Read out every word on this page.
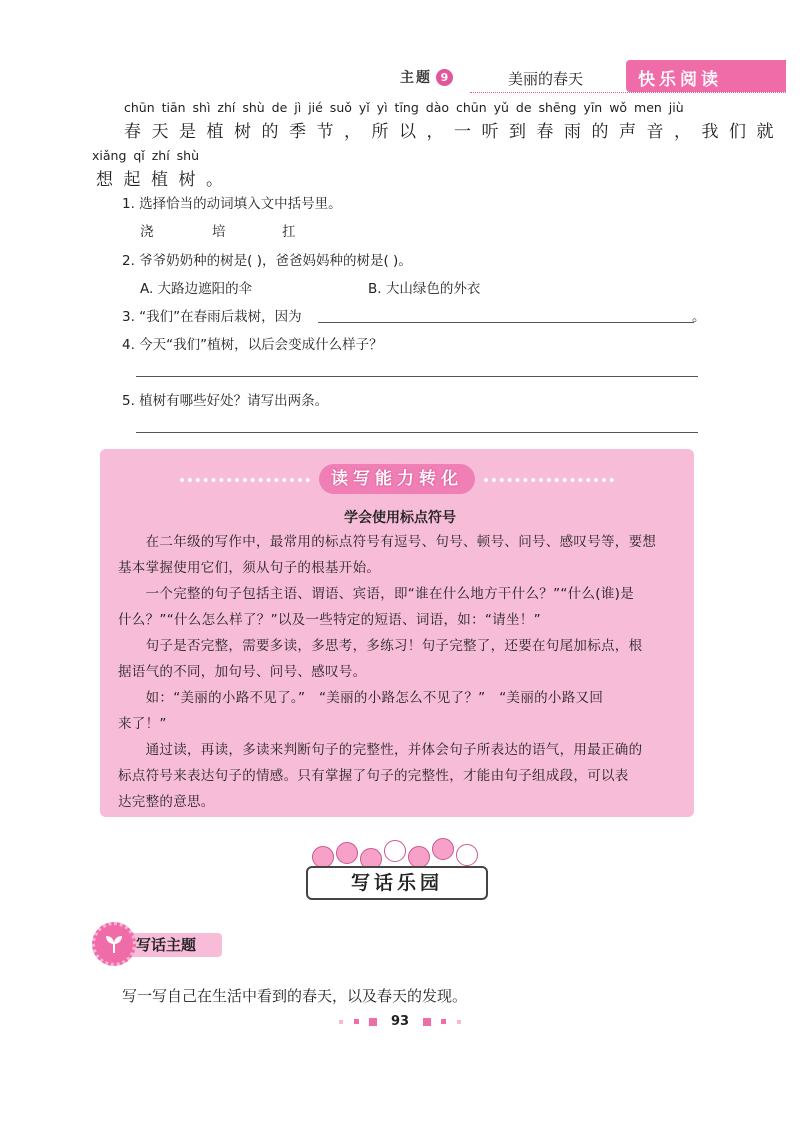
主题 9	美丽的春天	快乐阅读
chūn tiān shì zhí shù de jì jié suǒ yǐ yì tīng dào chūn yǔ de shēng yīn wǒ men jiù
春天是植树的季节，所以，一听到春雨的声音，我们就
xiǎng qǐ zhí shù
想起植树。
1. 选择恰当的动词填入文中括号里。
浇	培	扛
2. 爷爷奶奶种的树是( )，爸爸妈妈种的树是( )。
A. 大路边遮阳的伞	B. 大山绿色的外衣
3. “我们”在春雨后栽树，因为	。
4. 今天“我们”植树，以后会变成什么样子？
5. 植树有哪些好处？请写出两条。
读写能力转化
学会使用标点符号
　　在二年级的写作中，最常用的标点符号有逗号、句号、顿号、问号、感叹号等，要想
基本掌握使用它们，须从句子的根基开始。
　　一个完整的句子包括主语、谓语、宾语，即“谁在什么地方干什么？”“什么(谁)是
什么？”“什么怎么样了？”以及一些特定的短语、词语，如：“请坐！”
　　句子是否完整，需要多读，多思考，多练习！句子完整了，还要在句尾加标点，根
据语气的不同，加句号、问号、感叹号。
　　如：“美丽的小路不见了。”　“美丽的小路怎么不见了？”　“美丽的小路又回
来了！”
　　通过读，再读，多读来判断句子的完整性，并体会句子所表达的语气，用最正确的
标点符号来表达句子的情感。只有掌握了句子的完整性，才能由句子组成段，可以表
达完整的意思。
写话乐园
写话主题
写一写自己在生活中看到的春天，以及春天的发现。
93
